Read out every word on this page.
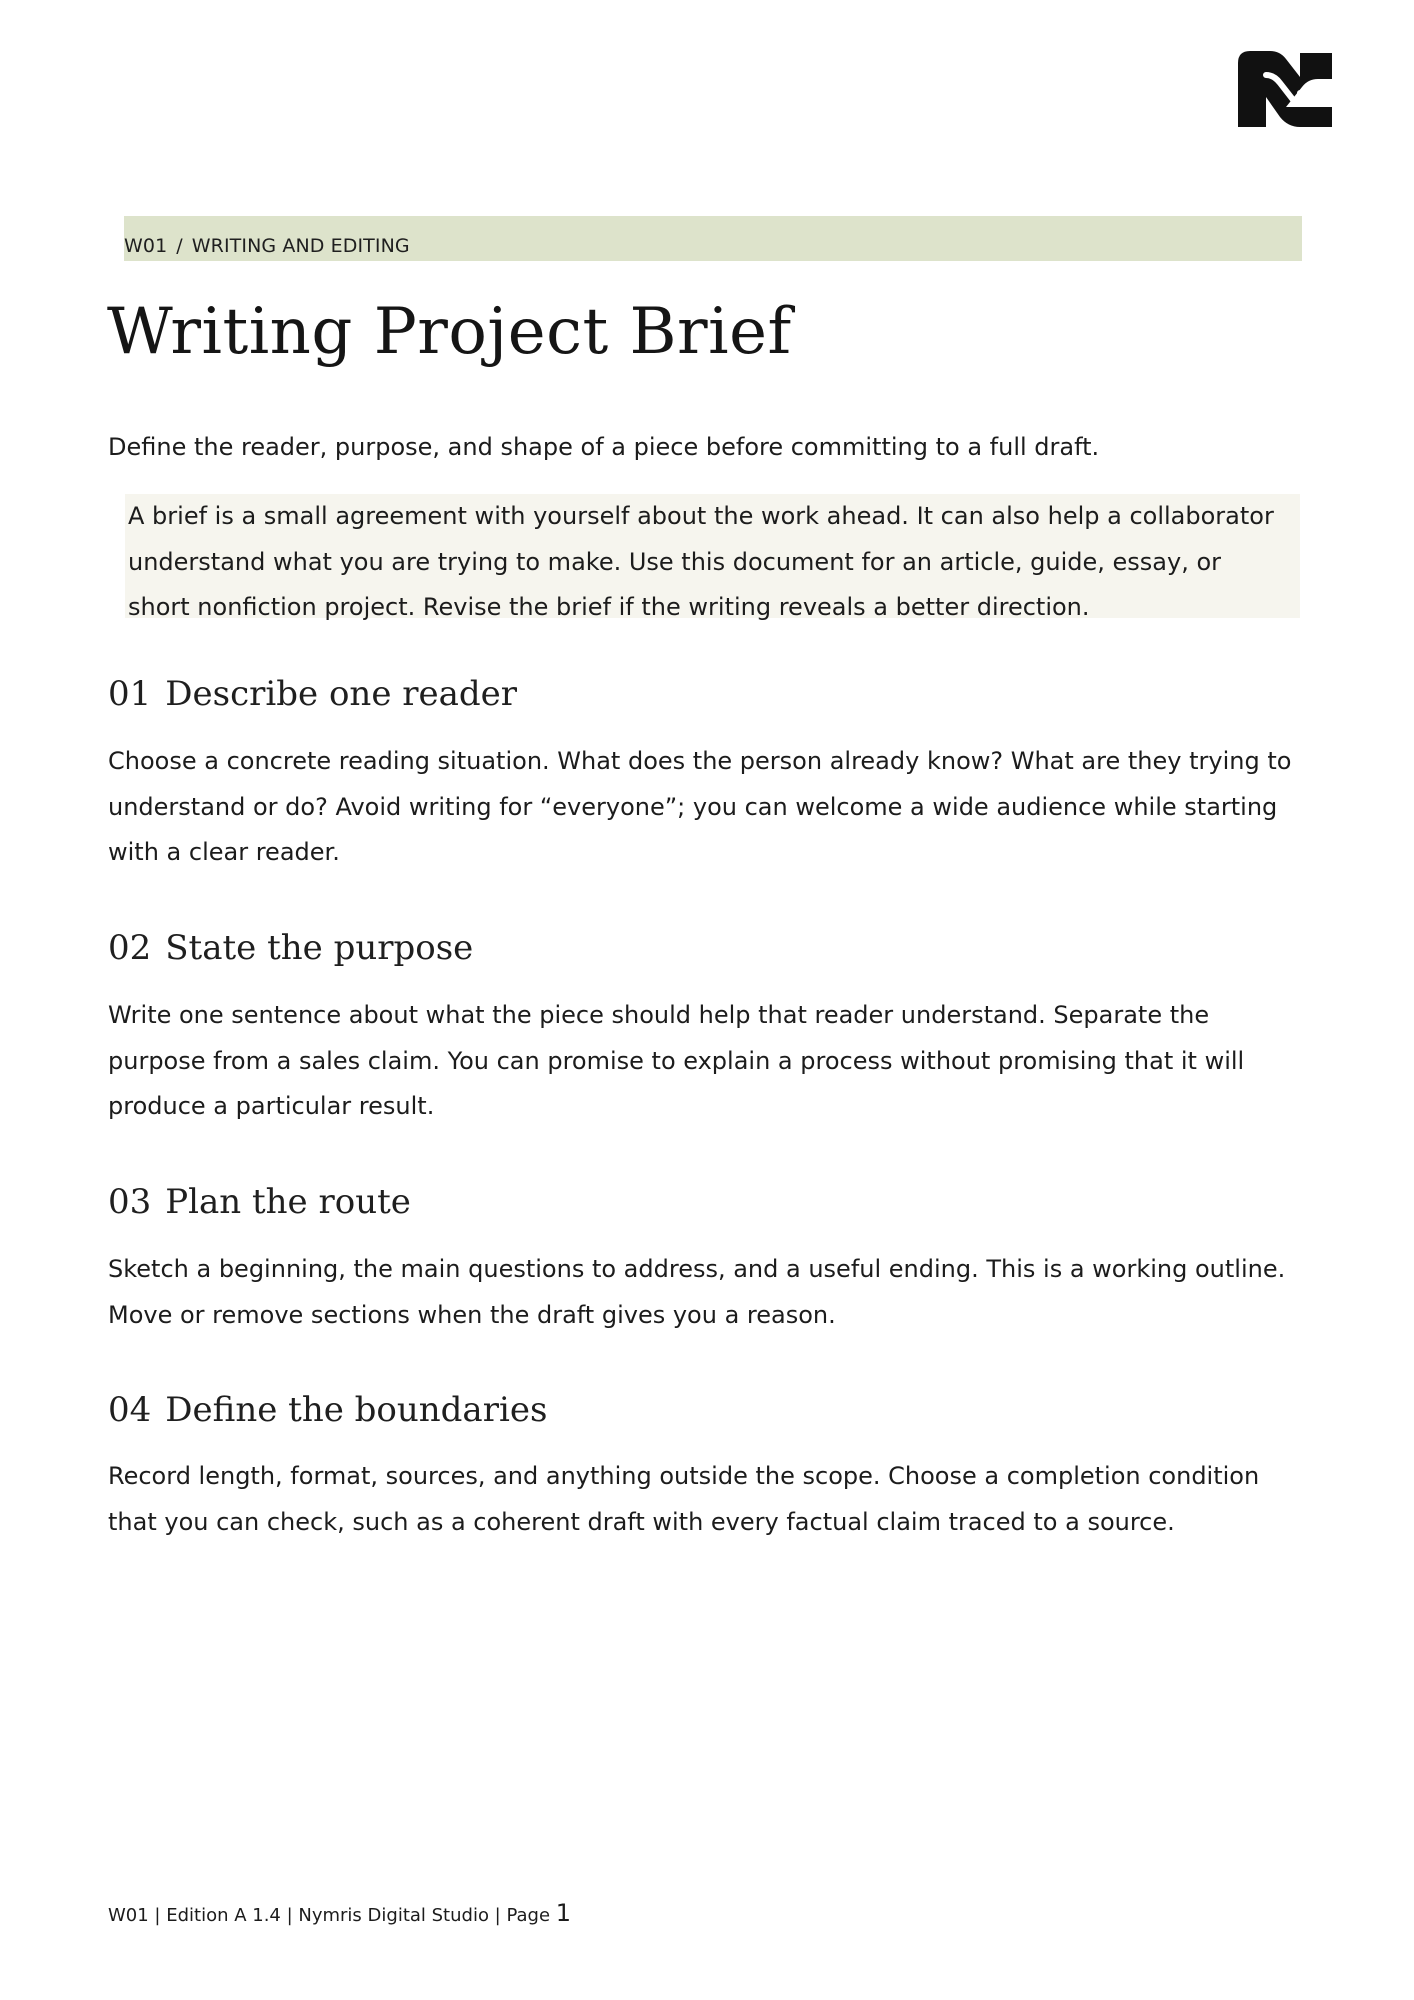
W01 / WRITING AND EDITING
Writing Project Brief

Define the reader, purpose, and shape of a piece before committing to a full draft.

A brief is a small agreement with yourself about the work ahead. It can also help a collaborator understand what you are trying to make. Use this document for an article, guide, essay, or short nonfiction project. Revise the brief if the writing reveals a better direction.

01 Describe one reader

Choose a concrete reading situation. What does the person already know? What are they trying to understand or do? Avoid writing for “everyone”; you can welcome a wide audience while starting with a clear reader.

02 State the purpose

Write one sentence about what the piece should help that reader understand. Separate the purpose from a sales claim. You can promise to explain a process without promising that it will produce a particular result.

03 Plan the route

Sketch a beginning, the main questions to address, and a useful ending. This is a working outline. Move or remove sections when the draft gives you a reason.

04 Define the boundaries

Record length, format, sources, and anything outside the scope. Choose a completion condition that you can check, such as a coherent draft with every factual claim traced to a source.

W01 | Edition A 1.4 | Nymris Digital Studio | Page 1
